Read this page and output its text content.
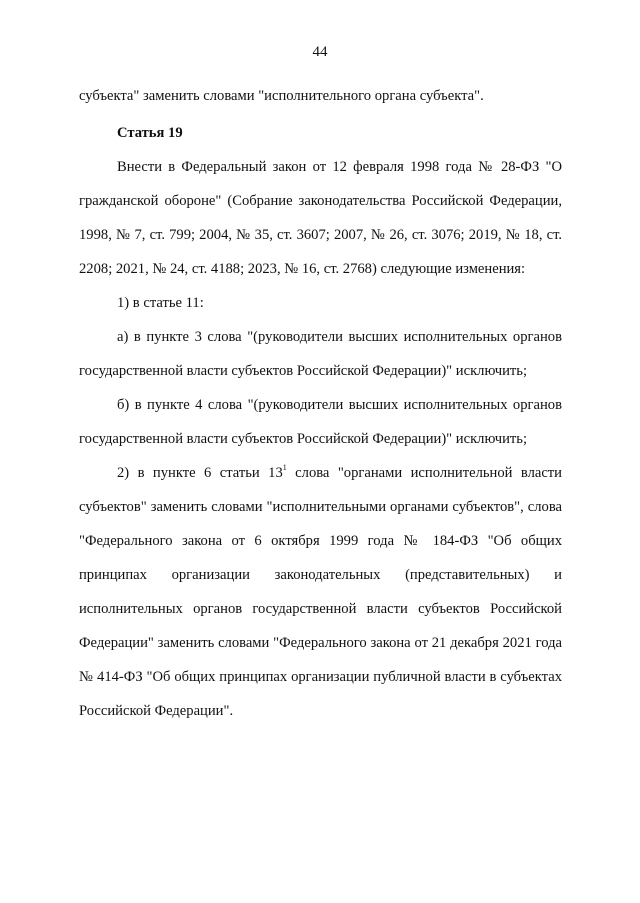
44

субъекта" заменить словами "исполнительного органа субъекта".

Статья 19

Внести в Федеральный закон от 12 февраля 1998 года № 28-ФЗ "О гражданской обороне" (Собрание законодательства Российской Федерации, 1998, № 7, ст. 799; 2004, № 35, ст. 3607; 2007, № 26, ст. 3076; 2019, № 18, ст. 2208; 2021, № 24, ст. 4188; 2023, № 16, ст. 2768) следующие изменения:

1) в статье 11:

а) в пункте 3 слова "(руководители высших исполнительных органов государственной власти субъектов Российской Федерации)" исключить;

б) в пункте 4 слова "(руководители высших исполнительных органов государственной власти субъектов Российской Федерации)" исключить;

2) в пункте 6 статьи $13^1$ слова "органами исполнительной власти субъектов" заменить словами "исполнительными органами субъектов", слова "Федерального закона от 6 октября 1999 года № 184-ФЗ "Об общих принципах организации законодательных (представительных) и исполнительных органов государственной власти субъектов Российской Федерации" заменить словами "Федерального закона от 21 декабря 2021 года № 414-ФЗ "Об общих принципах организации публичной власти в субъектах Российской Федерации".
